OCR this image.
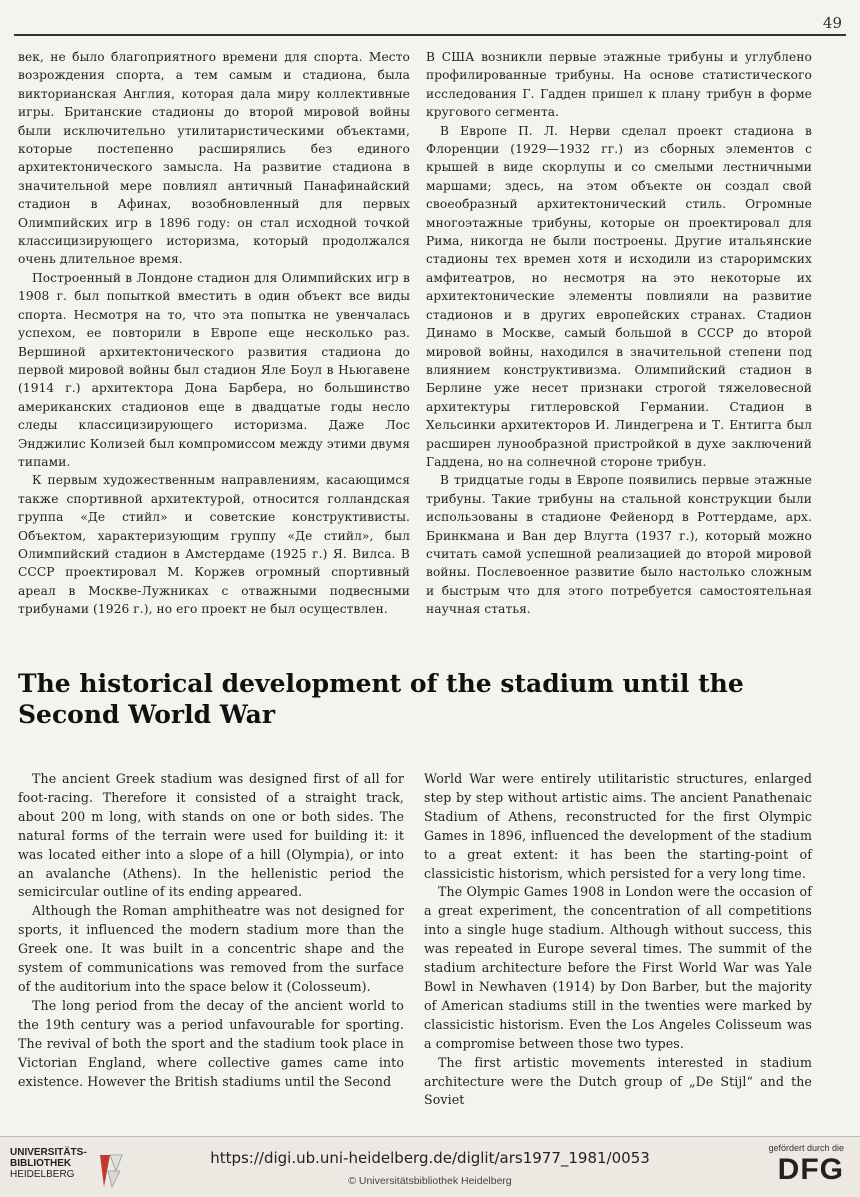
49

век, не было благоприятного времени для спорта. Место возрождения спорта, а тем самым и стадиона, была викторианская Англия, которая дала миру коллективные игры. Британские стадионы до второй мировой войны были исключительно утилитаристическими объектами, которые постепенно расширялись без единого архитектонического замысла. На развитие стадиона в значительной мере повлиял античный Панафинайский стадион в Афинах, возобновленный для первых Олимпийских игр в 1896 году: он стал исходной точкой классицизирующего историзма, который продолжался очень длительное время.

Построенный в Лондоне стадион для Олимпийских игр в 1908 г. был попыткой вместить в один объект все виды спорта. Несмотря на то, что эта попытка не увенчалась успехом, ее повторили в Европе еще несколько раз. Вершиной архитектонического развития стадиона до первой мировой войны был стадион Яле Боул в Ньюгавене (1914 г.) архитектора Дона Барбера, но большинство американских стадионов еще в двадцатые годы несло следы классицизирующего историзма. Даже Лос Энджилис Колизей был компромиссом между этими двумя типами.

К первым художественным направлениям, касающимся также спортивной архитектурой, относится голландская группа «Де стийл» и советские конструктивисты. Объектом, характеризующим группу «Де стийл», был Олимпийский стадион в Амстердаме (1925 г.) Я. Вилса. В СССР проектировал М. Коржев огромный спортивный ареал в Москве-Лужниках с отважными подвесными трибунами (1926 г.), но его проект не был осуществлен.

В США возникли первые этажные трибуны и углублено профилированные трибуны. На основе статистического исследования Г. Гадден пришел к плану трибун в форме кругового сегмента.

В Европе П. Л. Нерви сделал проект стадиона в Флоренции (1929—1932 гг.) из сборных элементов с крышей в виде скорлупы и со смелыми лестничными маршами; здесь, на этом объекте он создал свой своеобразный архитектонический стиль. Огромные многоэтажные трибуны, которые он проектировал для Рима, никогда не были построены. Другие итальянские стадионы тех времен хотя и исходили из староримских амфитеатров, но несмотря на это некоторые их архитектонические элементы повлияли на развитие стадионов и в других европейских странах. Стадион Динамо в Москве, самый большой в СССР до второй мировой войны, находился в значительной степени под влиянием конструктивизма. Олимпийский стадион в Берлине уже несет признаки строгой тяжеловесной архитектуры гитлеровской Германии. Стадион в Хельсинки архитекторов И. Линдегрена и Т. Ентигга был расширен лунообразной пристройкой в духе заключений Гаддена, но на солнечной стороне трибун.

В тридцатые годы в Европе появились первые этажные трибуны. Такие трибуны на стальной конструкции были использованы в стадионе Фейенорд в Роттердаме, арх. Бринкмана и Ван дер Влугта (1937 г.), который можно считать самой успешной реализацией до второй мировой войны. Послевоенное развитие было настолько сложным и быстрым что для этого потребуется самостоятельная научная статья.

The historical development of the stadium until the Second World War

The ancient Greek stadium was designed first of all for foot-racing. Therefore it consisted of a straight track, about 200 m long, with stands on one or both sides. The natural forms of the terrain were used for building it: it was located either into a slope of a hill (Olympia), or into an avalanche (Athens). In the hellenistic period the semicircular outline of its ending appeared.

Although the Roman amphitheatre was not designed for sports, it influenced the modern stadium more than the Greek one. It was built in a concentric shape and the system of communications was removed from the surface of the auditorium into the space below it (Colosseum).

The long period from the decay of the ancient world to the 19th century was a period unfavourable for sporting. The revival of both the sport and the stadium took place in Victorian England, where collective games came into existence. However the British stadiums until the Second

World War were entirely utilitaristic structures, enlarged step by step without artistic aims. The ancient Panathenaic Stadium of Athens, reconstructed for the first Olympic Games in 1896, influenced the development of the stadium to a great extent: it has been the starting-point of classicistic historism, which persisted for a very long time.

The Olympic Games 1908 in London were the occasion of a great experiment, the concentration of all competitions into a single huge stadium. Although without success, this was repeated in Europe several times. The summit of the stadium architecture before the First World War was Yale Bowl in Newhaven (1914) by Don Barber, but the majority of American stadiums still in the twenties were marked by classicistic historism. Even the Los Angeles Colisseum was a compromise between those two types.

The first artistic movements interested in stadium architecture were the Dutch group of „De Stijl“ and the Soviet

UNIVERSITÄTS-
BIBLIOTHEK
HEIDELBERG
https://digi.ub.uni-heidelberg.de/diglit/ars1977_1981/0053
© Universitätsbibliothek Heidelberg
gefördert durch die
DFG
